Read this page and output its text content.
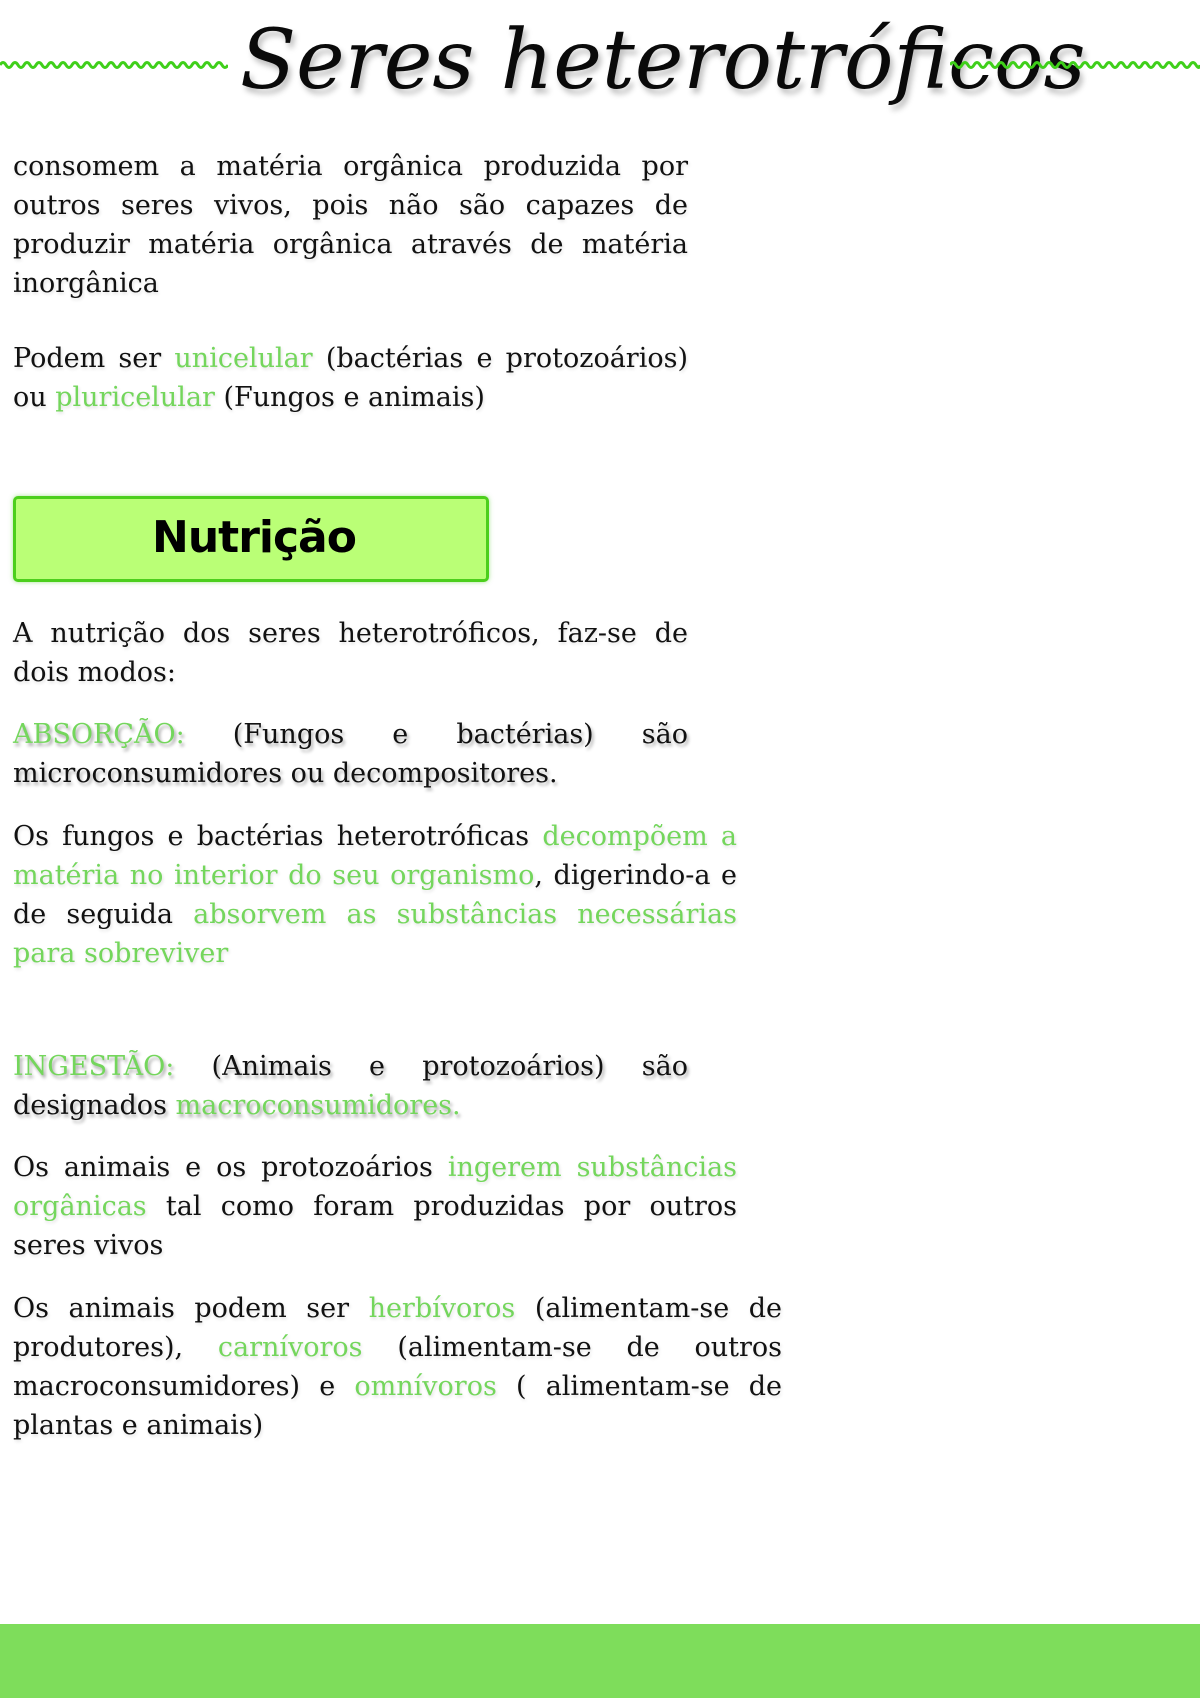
Seres heterotróficos

consomem a matéria orgânica produzida por outros seres vivos, pois não são capazes de produzir matéria orgânica através de matéria inorgânica

Podem ser unicelular (bactérias e protozoários) ou pluricelular (Fungos e animais)

Nutrição

A nutrição dos seres heterotróficos, faz-se de dois modos:

ABSORÇÃO: (Fungos e bactérias) são microconsumidores ou decompositores.

Os fungos e bactérias heterotróficas decompõem a matéria no interior do seu organismo, digerindo-a e de seguida absorvem as substâncias necessárias para sobreviver

INGESTÃO: (Animais e protozoários) são designados macroconsumidores.

Os animais e os protozoários ingerem substâncias orgânicas tal como foram produzidas por outros seres vivos

Os animais podem ser herbívoros (alimentam-se de produtores), carnívoros (alimentam-se de outros macroconsumidores) e omnívoros ( alimentam-se de plantas e animais)
